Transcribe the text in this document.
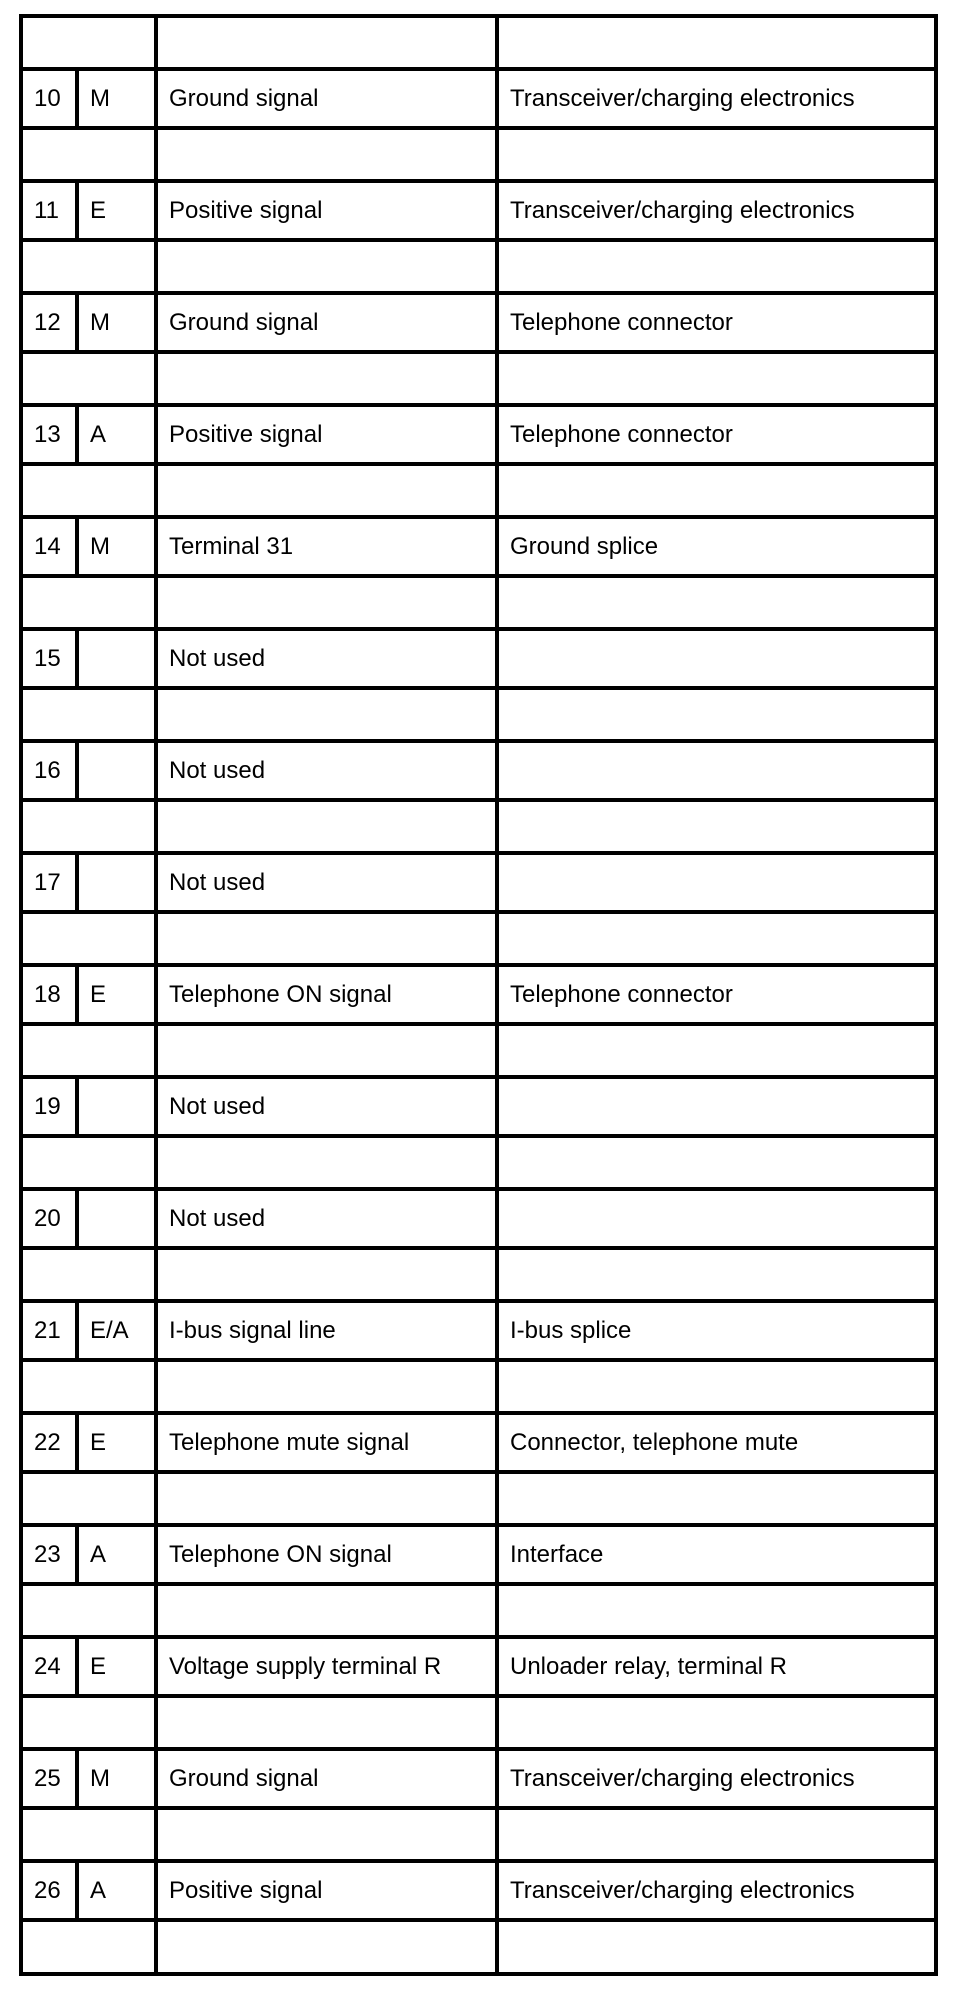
10	M	Ground signal	Transceiver/charging electronics

11	E	Positive signal	Transceiver/charging electronics

12	M	Ground signal	Telephone connector

13	A	Positive signal	Telephone connector

14	M	Terminal 31	Ground splice

15		Not used	

16		Not used	

17		Not used	

18	E	Telephone ON signal	Telephone connector

19		Not used	

20		Not used	

21	E/A	I-bus signal line	I-bus splice

22	E	Telephone mute signal	Connector, telephone mute

23	A	Telephone ON signal	Interface

24	E	Voltage supply terminal R	Unloader relay, terminal R

25	M	Ground signal	Transceiver/charging electronics

26	A	Positive signal	Transceiver/charging electronics
